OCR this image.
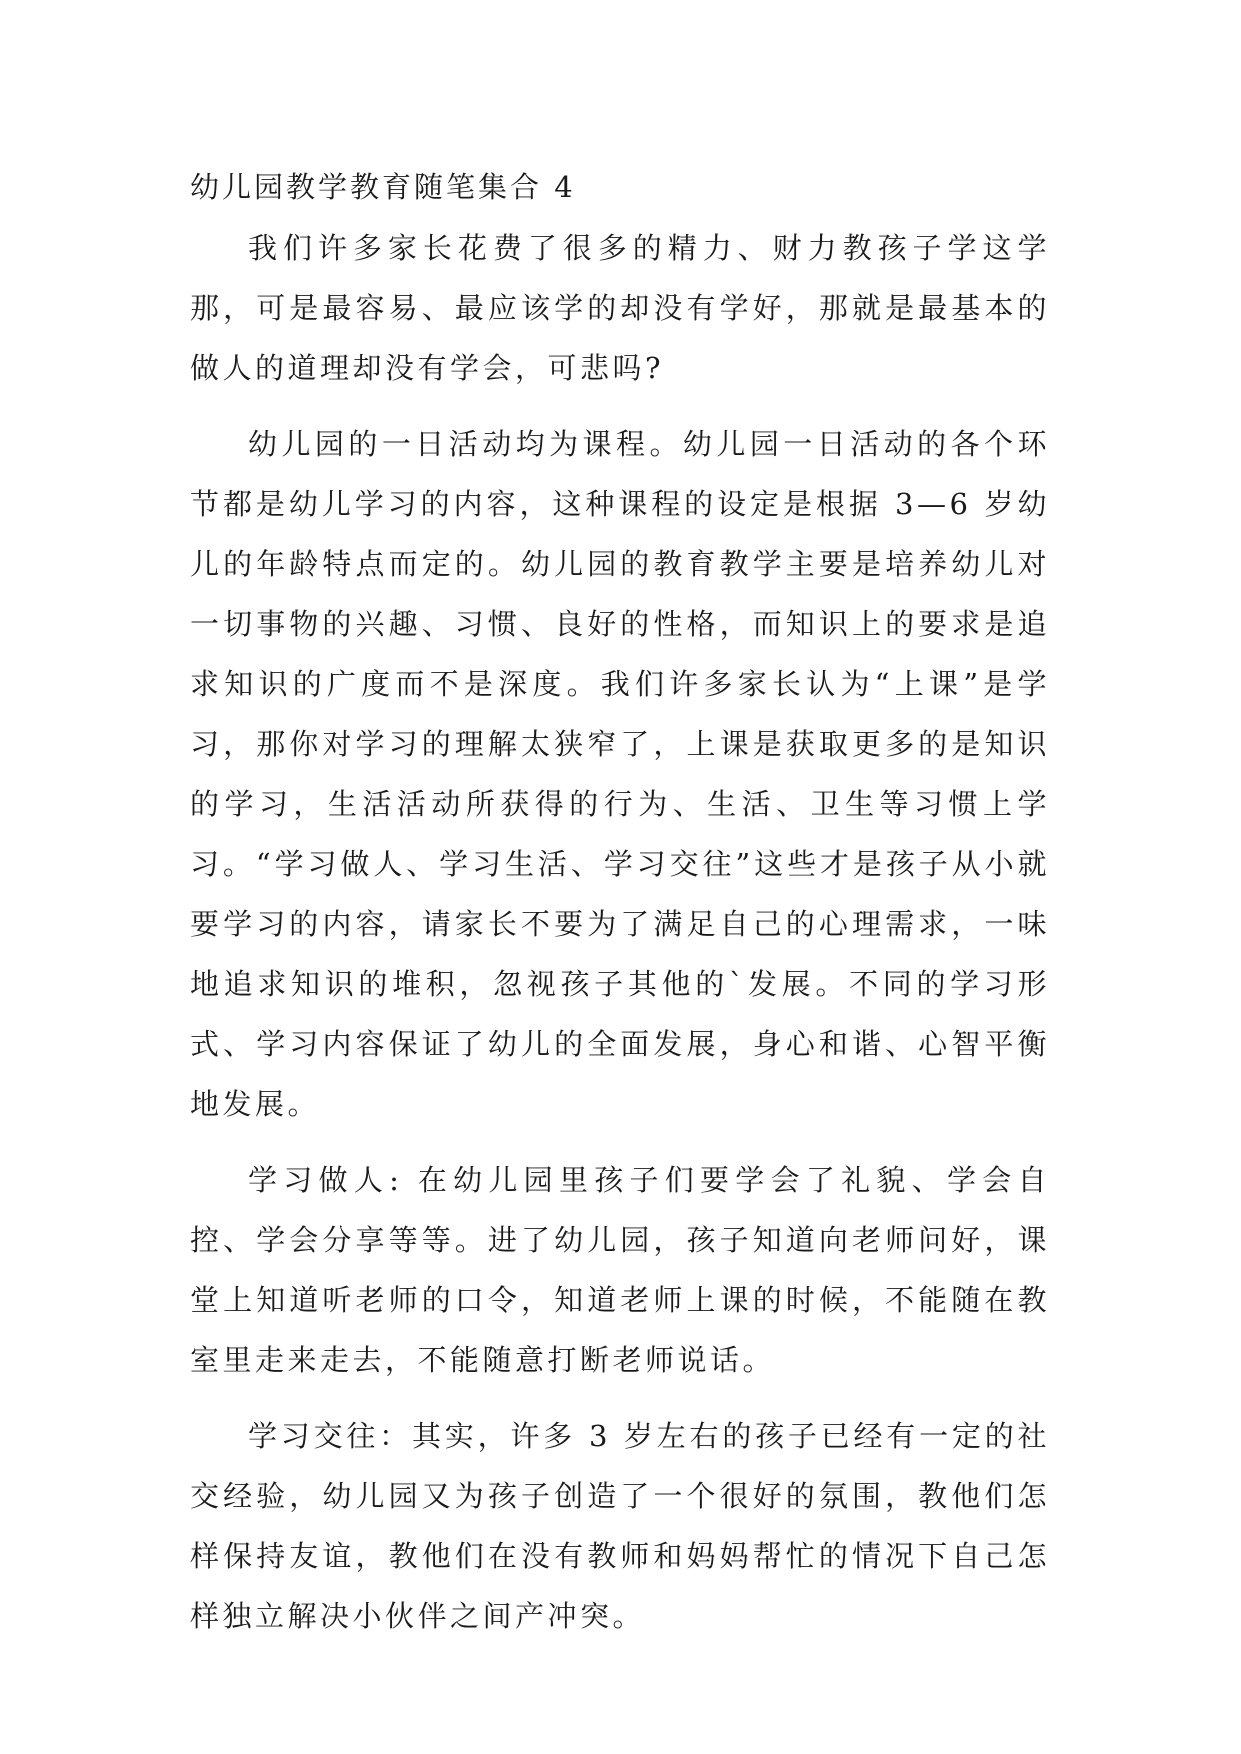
幼儿园教学教育随笔集合 4

我们许多家长花费了很多的精力、财力教孩子学这学那，可是最容易、最应该学的却没有学好，那就是最基本的做人的道理却没有学会，可悲吗?

幼儿园的一日活动均为课程。幼儿园一日活动的各个环节都是幼儿学习的内容，这种课程的设定是根据 3—6 岁幼儿的年龄特点而定的。幼儿园的教育教学主要是培养幼儿对一切事物的兴趣、习惯、良好的性格，而知识上的要求是追求知识的广度而不是深度。我们许多家长认为“上课”是学习，那你对学习的理解太狭窄了，上课是获取更多的是知识的学习，生活活动所获得的行为、生活、卫生等习惯上学习。“学习做人、学习生活、学习交往”这些才是孩子从小就要学习的内容，请家长不要为了满足自己的心理需求，一味地追求知识的堆积，忽视孩子其他的`发展。不同的学习形式、学习内容保证了幼儿的全面发展，身心和谐、心智平衡地发展。

学习做人: 在幼儿园里孩子们要学会了礼貌、学会自控、学会分享等等。进了幼儿园，孩子知道向老师问好，课堂上知道听老师的口令，知道老师上课的时候，不能随在教室里走来走去，不能随意打断老师说话。

学习交往：其实，许多 3 岁左右的孩子已经有一定的社交经验，幼儿园又为孩子创造了一个很好的氛围，教他们怎样保持友谊，教他们在没有教师和妈妈帮忙的情况下自己怎样独立解决小伙伴之间产冲突。
